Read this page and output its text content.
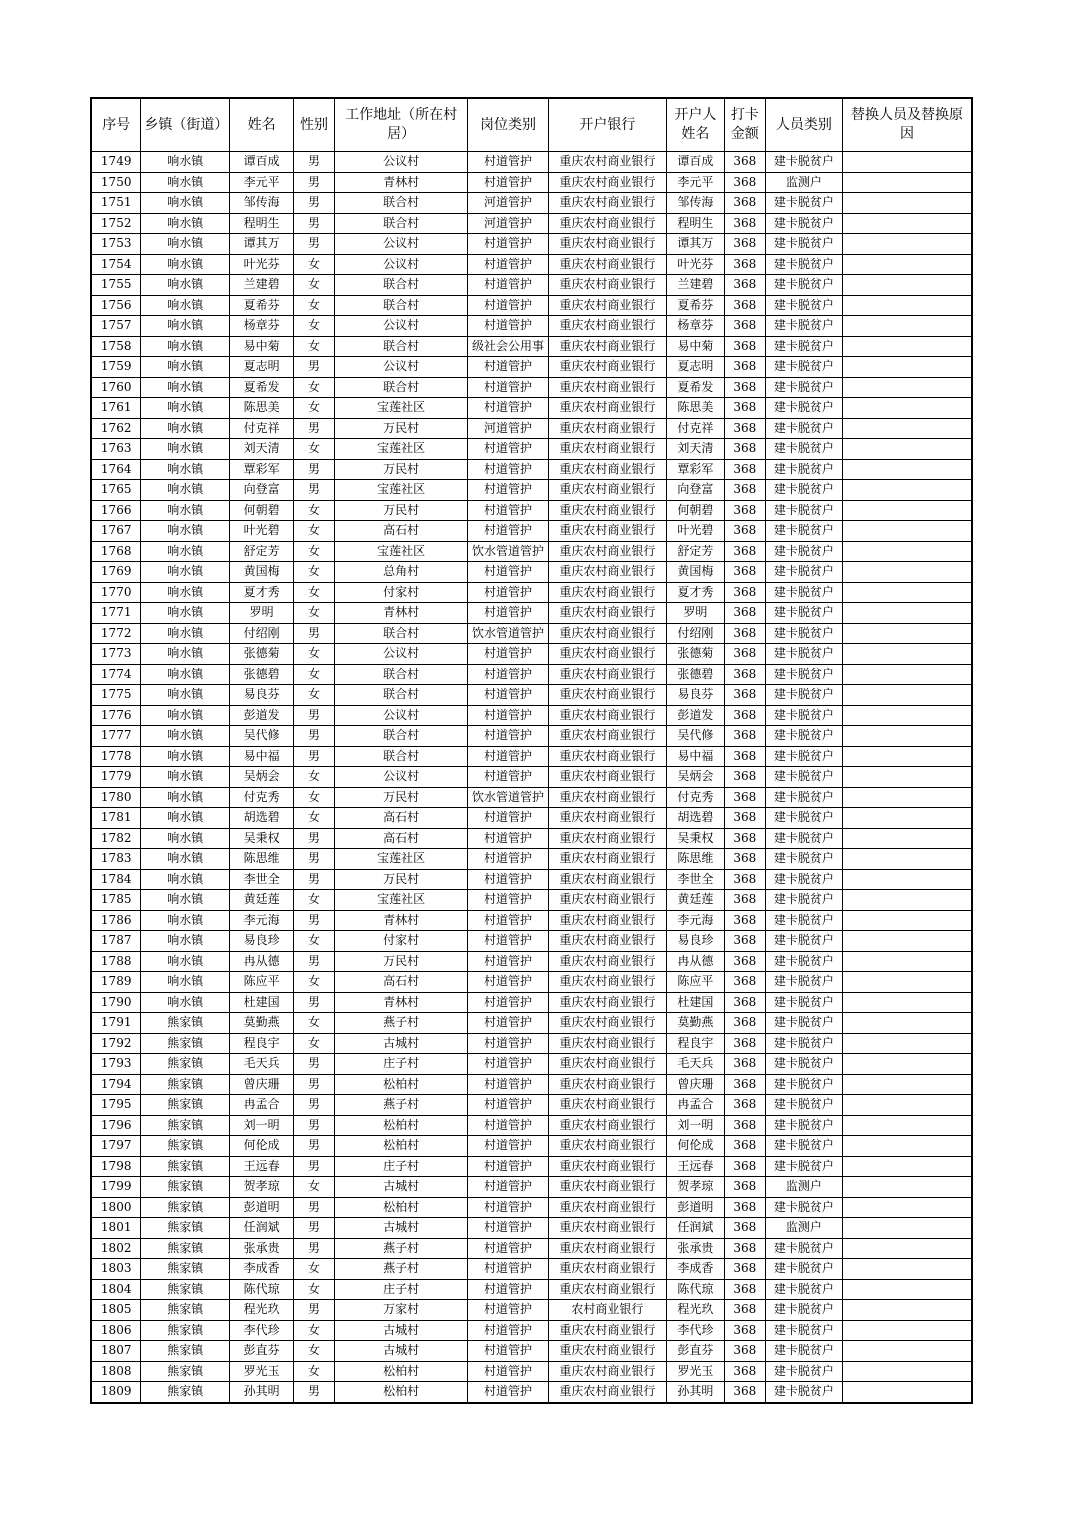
序号	乡镇（街道）	姓名	性别	工作地址（所在村居）	岗位类别	开户银行	开户人姓名	打卡金额	人员类别	替换人员及替换原因

1749	响水镇	谭百成	男	公议村	村道管护	重庆农村商业银行	谭百成	368	建卡脱贫户	
1750	响水镇	李元平	男	青林村	村道管护	重庆农村商业银行	李元平	368	监测户	
1751	响水镇	邹传海	男	联合村	河道管护	重庆农村商业银行	邹传海	368	建卡脱贫户	
1752	响水镇	程明生	男	联合村	河道管护	重庆农村商业银行	程明生	368	建卡脱贫户	
1753	响水镇	谭其万	男	公议村	村道管护	重庆农村商业银行	谭其万	368	建卡脱贫户	
1754	响水镇	叶光芬	女	公议村	村道管护	重庆农村商业银行	叶光芬	368	建卡脱贫户	
1755	响水镇	兰建碧	女	联合村	村道管护	重庆农村商业银行	兰建碧	368	建卡脱贫户	
1756	响水镇	夏希芬	女	联合村	村道管护	重庆农村商业银行	夏希芬	368	建卡脱贫户	
1757	响水镇	杨章芬	女	公议村	村道管护	重庆农村商业银行	杨章芬	368	建卡脱贫户	
1758	响水镇	易中菊	女	联合村	级社会公用事	重庆农村商业银行	易中菊	368	建卡脱贫户	
1759	响水镇	夏志明	男	公议村	村道管护	重庆农村商业银行	夏志明	368	建卡脱贫户	
1760	响水镇	夏希发	女	联合村	村道管护	重庆农村商业银行	夏希发	368	建卡脱贫户	
1761	响水镇	陈思美	女	宝莲社区	村道管护	重庆农村商业银行	陈思美	368	建卡脱贫户	
1762	响水镇	付克祥	男	万民村	河道管护	重庆农村商业银行	付克祥	368	建卡脱贫户	
1763	响水镇	刘天清	女	宝莲社区	村道管护	重庆农村商业银行	刘天清	368	建卡脱贫户	
1764	响水镇	覃彩军	男	万民村	村道管护	重庆农村商业银行	覃彩军	368	建卡脱贫户	
1765	响水镇	向登富	男	宝莲社区	村道管护	重庆农村商业银行	向登富	368	建卡脱贫户	
1766	响水镇	何朝碧	女	万民村	村道管护	重庆农村商业银行	何朝碧	368	建卡脱贫户	
1767	响水镇	叶光碧	女	高石村	村道管护	重庆农村商业银行	叶光碧	368	建卡脱贫户	
1768	响水镇	舒定芳	女	宝莲社区	饮水管道管护	重庆农村商业银行	舒定芳	368	建卡脱贫户	
1769	响水镇	黄国梅	女	总角村	村道管护	重庆农村商业银行	黄国梅	368	建卡脱贫户	
1770	响水镇	夏才秀	女	付家村	村道管护	重庆农村商业银行	夏才秀	368	建卡脱贫户	
1771	响水镇	罗明	女	青林村	村道管护	重庆农村商业银行	罗明	368	建卡脱贫户	
1772	响水镇	付绍刚	男	联合村	饮水管道管护	重庆农村商业银行	付绍刚	368	建卡脱贫户	
1773	响水镇	张德菊	女	公议村	村道管护	重庆农村商业银行	张德菊	368	建卡脱贫户	
1774	响水镇	张德碧	女	联合村	村道管护	重庆农村商业银行	张德碧	368	建卡脱贫户	
1775	响水镇	易良芬	女	联合村	村道管护	重庆农村商业银行	易良芬	368	建卡脱贫户	
1776	响水镇	彭道发	男	公议村	村道管护	重庆农村商业银行	彭道发	368	建卡脱贫户	
1777	响水镇	吴代修	男	联合村	村道管护	重庆农村商业银行	吴代修	368	建卡脱贫户	
1778	响水镇	易中福	男	联合村	村道管护	重庆农村商业银行	易中福	368	建卡脱贫户	
1779	响水镇	吴炳会	女	公议村	村道管护	重庆农村商业银行	吴炳会	368	建卡脱贫户	
1780	响水镇	付克秀	女	万民村	饮水管道管护	重庆农村商业银行	付克秀	368	建卡脱贫户	
1781	响水镇	胡选碧	女	高石村	村道管护	重庆农村商业银行	胡选碧	368	建卡脱贫户	
1782	响水镇	吴秉权	男	高石村	村道管护	重庆农村商业银行	吴秉权	368	建卡脱贫户	
1783	响水镇	陈思维	男	宝莲社区	村道管护	重庆农村商业银行	陈思维	368	建卡脱贫户	
1784	响水镇	李世全	男	万民村	村道管护	重庆农村商业银行	李世全	368	建卡脱贫户	
1785	响水镇	黄廷莲	女	宝莲社区	村道管护	重庆农村商业银行	黄廷莲	368	建卡脱贫户	
1786	响水镇	李元海	男	青林村	村道管护	重庆农村商业银行	李元海	368	建卡脱贫户	
1787	响水镇	易良珍	女	付家村	村道管护	重庆农村商业银行	易良珍	368	建卡脱贫户	
1788	响水镇	冉从德	男	万民村	村道管护	重庆农村商业银行	冉从德	368	建卡脱贫户	
1789	响水镇	陈应平	女	高石村	村道管护	重庆农村商业银行	陈应平	368	建卡脱贫户	
1790	响水镇	杜建国	男	青林村	村道管护	重庆农村商业银行	杜建国	368	建卡脱贫户	
1791	熊家镇	莫勤燕	女	燕子村	村道管护	重庆农村商业银行	莫勤燕	368	建卡脱贫户	
1792	熊家镇	程良宇	女	古城村	村道管护	重庆农村商业银行	程良宇	368	建卡脱贫户	
1793	熊家镇	毛天兵	男	庄子村	村道管护	重庆农村商业银行	毛天兵	368	建卡脱贫户	
1794	熊家镇	曾庆珊	男	松柏村	村道管护	重庆农村商业银行	曾庆珊	368	建卡脱贫户	
1795	熊家镇	冉孟合	男	燕子村	村道管护	重庆农村商业银行	冉孟合	368	建卡脱贫户	
1796	熊家镇	刘一明	男	松柏村	村道管护	重庆农村商业银行	刘一明	368	建卡脱贫户	
1797	熊家镇	何伦成	男	松柏村	村道管护	重庆农村商业银行	何伦成	368	建卡脱贫户	
1798	熊家镇	王远春	男	庄子村	村道管护	重庆农村商业银行	王远春	368	建卡脱贫户	
1799	熊家镇	贺孝琼	女	古城村	村道管护	重庆农村商业银行	贺孝琼	368	监测户	
1800	熊家镇	彭道明	男	松柏村	村道管护	重庆农村商业银行	彭道明	368	建卡脱贫户	
1801	熊家镇	任润斌	男	古城村	村道管护	重庆农村商业银行	任润斌	368	监测户	
1802	熊家镇	张承贵	男	燕子村	村道管护	重庆农村商业银行	张承贵	368	建卡脱贫户	
1803	熊家镇	李成香	女	燕子村	村道管护	重庆农村商业银行	李成香	368	建卡脱贫户	
1804	熊家镇	陈代琼	女	庄子村	村道管护	重庆农村商业银行	陈代琼	368	建卡脱贫户	
1805	熊家镇	程光玖	男	万家村	村道管护	农村商业银行	程光玖	368	建卡脱贫户	
1806	熊家镇	李代珍	女	古城村	村道管护	重庆农村商业银行	李代珍	368	建卡脱贫户	
1807	熊家镇	彭直芬	女	古城村	村道管护	重庆农村商业银行	彭直芬	368	建卡脱贫户	
1808	熊家镇	罗光玉	女	松柏村	村道管护	重庆农村商业银行	罗光玉	368	建卡脱贫户	
1809	熊家镇	孙其明	男	松柏村	村道管护	重庆农村商业银行	孙其明	368	建卡脱贫户	
